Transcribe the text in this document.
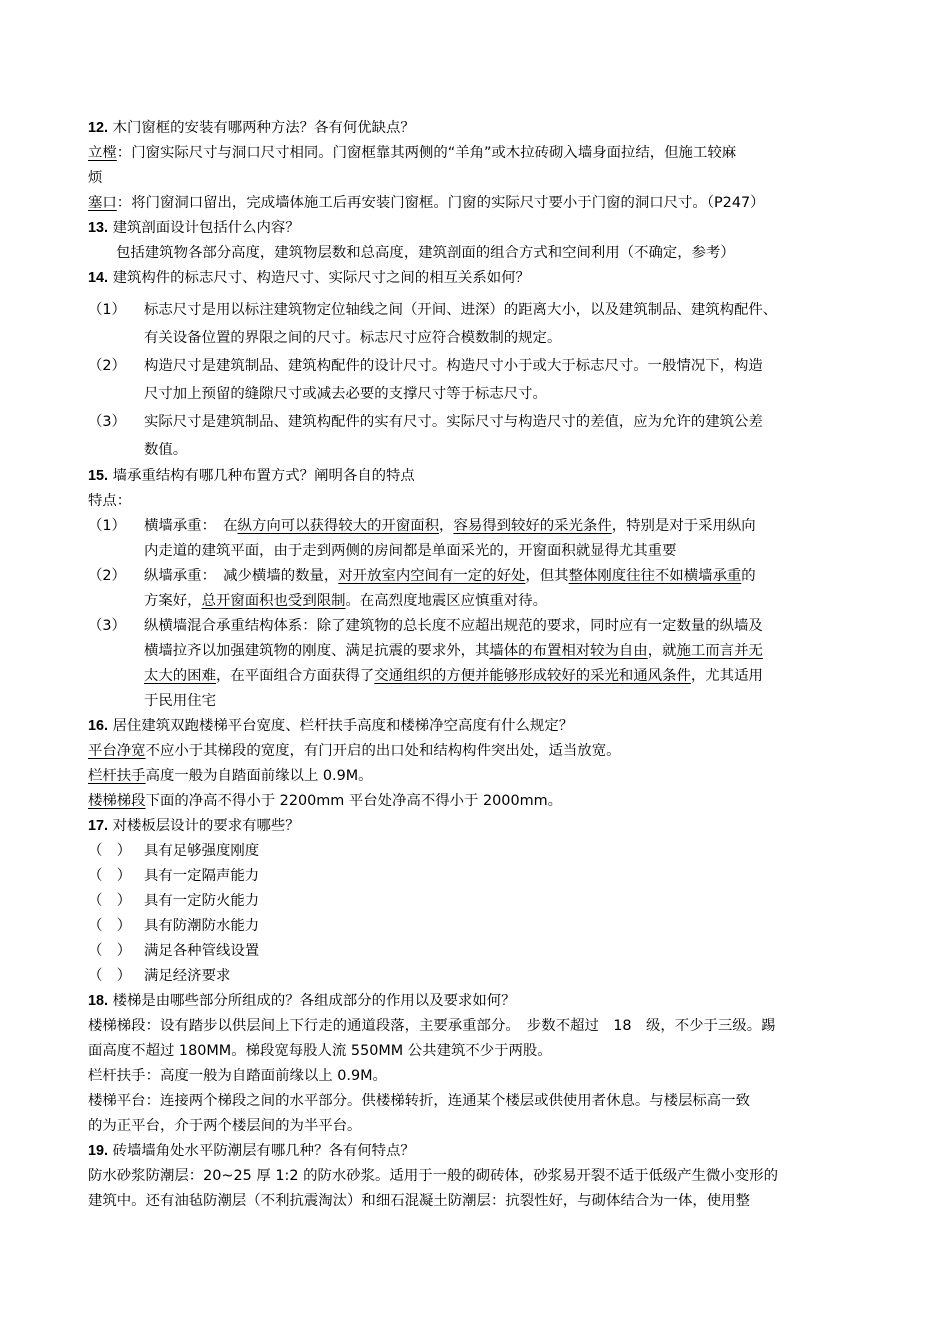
12. 木门窗框的安装有哪两种方法？各有何优缺点？
立樘：门窗实际尺寸与洞口尺寸相同。门窗框靠其两侧的“羊角”或木拉砖砌入墙身面拉结，但施工较麻
烦
塞口：将门窗洞口留出，完成墙体施工后再安装门窗框。门窗的实际尺寸要小于门窗的洞口尺寸。（P247）
13. 建筑剖面设计包括什么内容？
包括建筑物各部分高度，建筑物层数和总高度，建筑剖面的组合方式和空间利用（不确定，参考）
14. 建筑构件的标志尺寸、构造尺寸、实际尺寸之间的相互关系如何？
（1） 标志尺寸是用以标注建筑物定位轴线之间（开间、进深）的距离大小，以及建筑制品、建筑构配件、
有关设备位置的界限之间的尺寸。标志尺寸应符合模数制的规定。
（2） 构造尺寸是建筑制品、建筑构配件的设计尺寸。构造尺寸小于或大于标志尺寸。一般情况下，构造
尺寸加上预留的缝隙尺寸或减去必要的支撑尺寸等于标志尺寸。
（3） 实际尺寸是建筑制品、建筑构配件的实有尺寸。实际尺寸与构造尺寸的差值，应为允许的建筑公差
数值。
15. 墙承重结构有哪几种布置方式？阐明各自的特点
特点：
（1） 横墙承重：　在纵方向可以获得较大的开窗面积，容易得到较好的采光条件，特别是对于采用纵向
内走道的建筑平面，由于走到两侧的房间都是单面采光的，开窗面积就显得尤其重要
（2） 纵墙承重：　减少横墙的数量，对开放室内空间有一定的好处，但其整体刚度往往不如横墙承重的
方案好，总开窗面积也受到限制。在高烈度地震区应慎重对待。
（3） 纵横墙混合承重结构体系：除了建筑物的总长度不应超出规范的要求，同时应有一定数量的纵墙及
横墙拉齐以加强建筑物的刚度、满足抗震的要求外，其墙体的布置相对较为自由，就施工而言并无
太大的困难，在平面组合方面获得了交通组织的方便并能够形成较好的采光和通风条件，尤其适用
于民用住宅
16. 居住建筑双跑楼梯平台宽度、栏杆扶手高度和楼梯净空高度有什么规定？
平台净宽不应小于其梯段的宽度，有门开启的出口处和结构构件突出处，适当放宽。
栏杆扶手高度一般为自踏面前缘以上 0.9M。
楼梯梯段下面的净高不得小于 2200mm 平台处净高不得小于 2000mm。
17. 对楼板层设计的要求有哪些？
（　） 具有足够强度刚度
（　） 具有一定隔声能力
（　） 具有一定防火能力
（　） 具有防潮防水能力
（　） 满足各种管线设置
（　） 满足经济要求
18. 楼梯是由哪些部分所组成的？各组成部分的作用以及要求如何？
楼梯梯段：设有踏步以供层间上下行走的通道段落，主要承重部分。　步数不超过　18　级，不少于三级。踢
面高度不超过 180MM。梯段宽每股人流 550MM 公共建筑不少于两股。
栏杆扶手：高度一般为自踏面前缘以上 0.9M。
楼梯平台：连接两个梯段之间的水平部分。供楼梯转折，连通某个楼层或供使用者休息。与楼层标高一致
的为正平台，介于两个楼层间的为半平台。
19. 砖墙墙角处水平防潮层有哪几种？各有何特点？
防水砂浆防潮层：20~25 厚 1:2 的防水砂浆。适用于一般的砌砖体，砂浆易开裂不适于低级产生微小变形的
建筑中。还有油毡防潮层（不利抗震淘汰）和细石混凝土防潮层：抗裂性好，与砌体结合为一体，使用整
